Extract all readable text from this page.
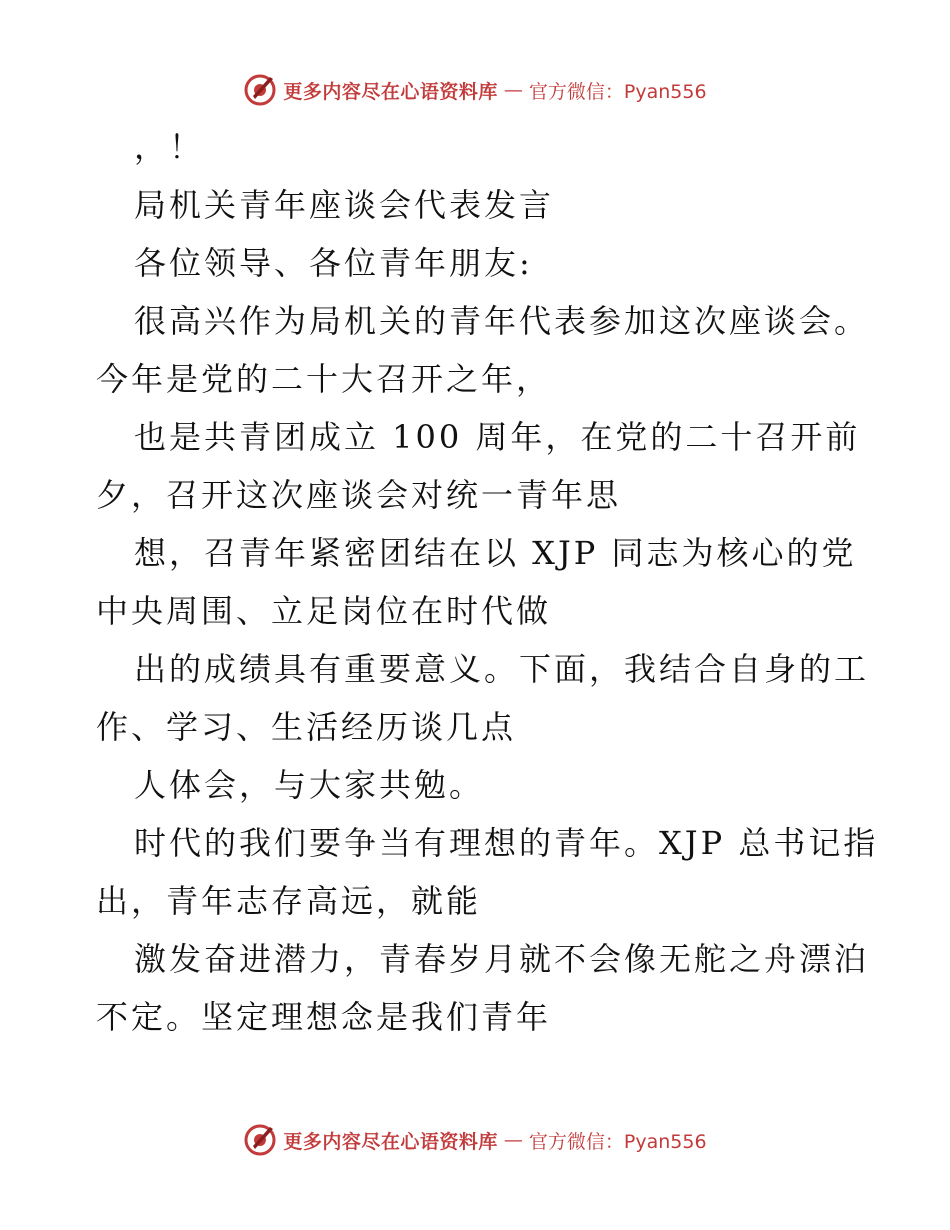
更多内容尽在心语资料库 — 官方微信：Pyan556
，！
局机关青年座谈会代表发言
各位领导、各位青年朋友:
很高兴作为局机关的青年代表参加这次座谈会。
今年是党的二十大召开之年，
也是共青团成立 100 周年，在党的二十召开前
夕，召开这次座谈会对统一青年思
想，召青年紧密团结在以 XJP 同志为核心的党
中央周围、立足岗位在时代做
出的成绩具有重要意义。下面，我结合自身的工
作、学习、生活经历谈几点
人体会，与大家共勉。
时代的我们要争当有理想的青年。XJP 总书记指
出，青年志存高远，就能
激发奋进潜力，青春岁月就不会像无舵之舟漂泊
不定。坚定理想念是我们青年
更多内容尽在心语资料库 — 官方微信：Pyan556
